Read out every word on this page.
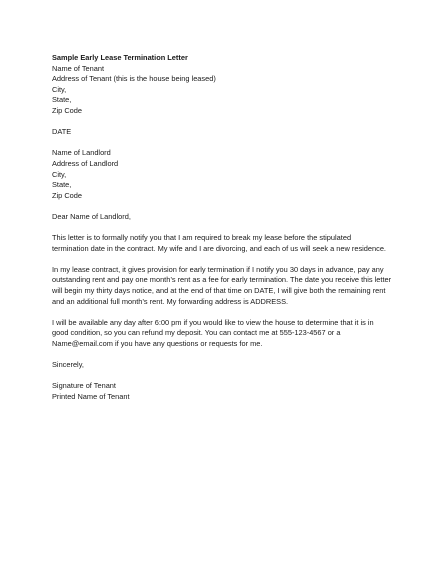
Sample Early Lease Termination Letter
Name of Tenant
Address of Tenant (this is the house being leased)
City,
State,
Zip Code
DATE
Name of Landlord
Address of Landlord
City,
State,
Zip Code
Dear Name of Landlord,
This letter is to formally notify you that I am required to break my lease before the stipulated
termination date in the contract. My wife and I are divorcing, and each of us will seek a new residence.
In my lease contract, it gives provision for early termination if I notify you 30 days in advance, pay any
outstanding rent and pay one month’s rent as a fee for early termination. The date you receive this letter
will begin my thirty days notice, and at the end of that time on DATE, I will give both the remaining rent
and an additional full month’s rent. My forwarding address is ADDRESS.
I will be available any day after 6:00 pm if you would like to view the house to determine that it is in
good condition, so you can refund my deposit. You can contact me at 555-123-4567 or a
Name@email.com if you have any questions or requests for me.
Sincerely,
Signature of Tenant
Printed Name of Tenant
